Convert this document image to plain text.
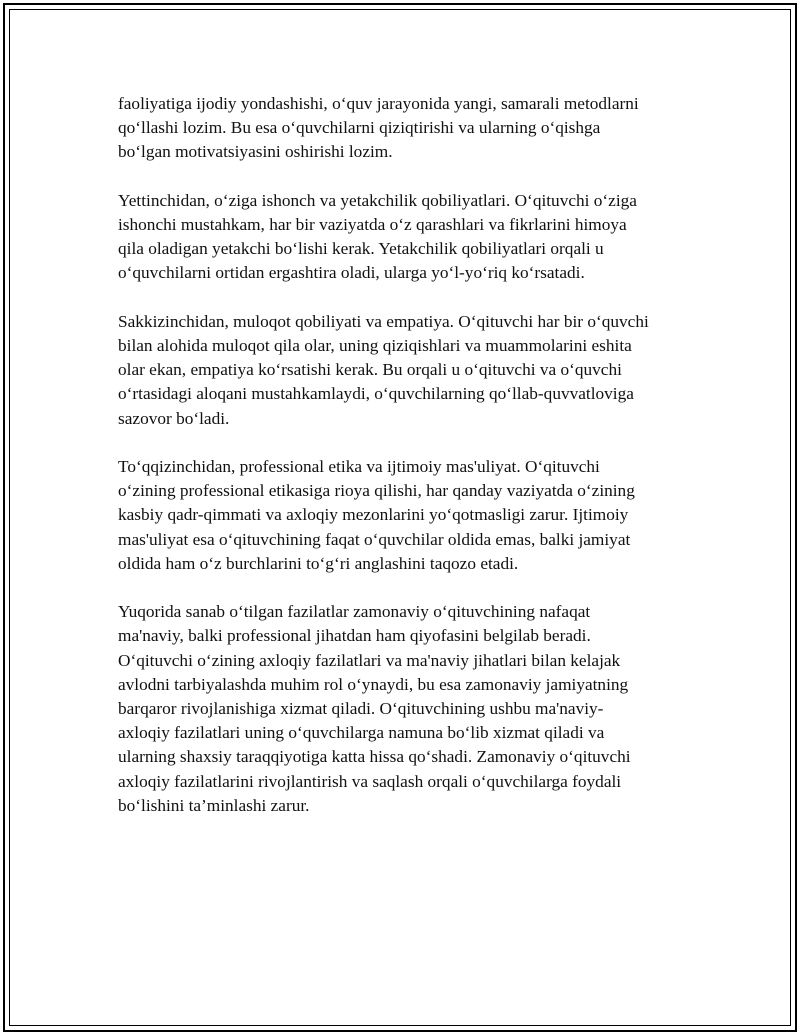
faoliyatiga ijodiy yondashishi, o‘quv jarayonida yangi, samarali metodlarni
qo‘llashi lozim. Bu esa o‘quvchilarni qiziqtirishi va ularning o‘qishga
bo‘lgan motivatsiyasini oshirishi lozim.

Yettinchidan, o‘ziga ishonch va yetakchilik qobiliyatlari. O‘qituvchi o‘ziga
ishonchi mustahkam, har bir vaziyatda o‘z qarashlari va fikrlarini himoya
qila oladigan yetakchi bo‘lishi kerak. Yetakchilik qobiliyatlari orqali u
o‘quvchilarni ortidan ergashtira oladi, ularga yo‘l-yo‘riq ko‘rsatadi.

Sakkizinchidan, muloqot qobiliyati va empatiya. O‘qituvchi har bir o‘quvchi
bilan alohida muloqot qila olar, uning qiziqishlari va muammolarini eshita
olar ekan, empatiya ko‘rsatishi kerak. Bu orqali u o‘qituvchi va o‘quvchi
o‘rtasidagi aloqani mustahkamlaydi, o‘quvchilarning qo‘llab-quvvatloviga
sazovor bo‘ladi.

To‘qqizinchidan, professional etika va ijtimoiy mas'uliyat. O‘qituvchi
o‘zining professional etikasiga rioya qilishi, har qanday vaziyatda o‘zining
kasbiy qadr-qimmati va axloqiy mezonlarini yo‘qotmasligi zarur. Ijtimoiy
mas'uliyat esa o‘qituvchining faqat o‘quvchilar oldida emas, balki jamiyat
oldida ham o‘z burchlarini to‘g‘ri anglashini taqozo etadi.

Yuqorida sanab o‘tilgan fazilatlar zamonaviy o‘qituvchining nafaqat
ma'naviy, balki professional jihatdan ham qiyofasini belgilab beradi.
O‘qituvchi o‘zining axloqiy fazilatlari va ma'naviy jihatlari bilan kelajak
avlodni tarbiyalashda muhim rol o‘ynaydi, bu esa zamonaviy jamiyatning
barqaror rivojlanishiga xizmat qiladi. O‘qituvchining ushbu ma'naviy-
axloqiy fazilatlari uning o‘quvchilarga namuna bo‘lib xizmat qiladi va
ularning shaxsiy taraqqiyotiga katta hissa qo‘shadi. Zamonaviy o‘qituvchi
axloqiy fazilatlarini rivojlantirish va saqlash orqali o‘quvchilarga foydali
bo‘lishini ta’minlashi zarur.
